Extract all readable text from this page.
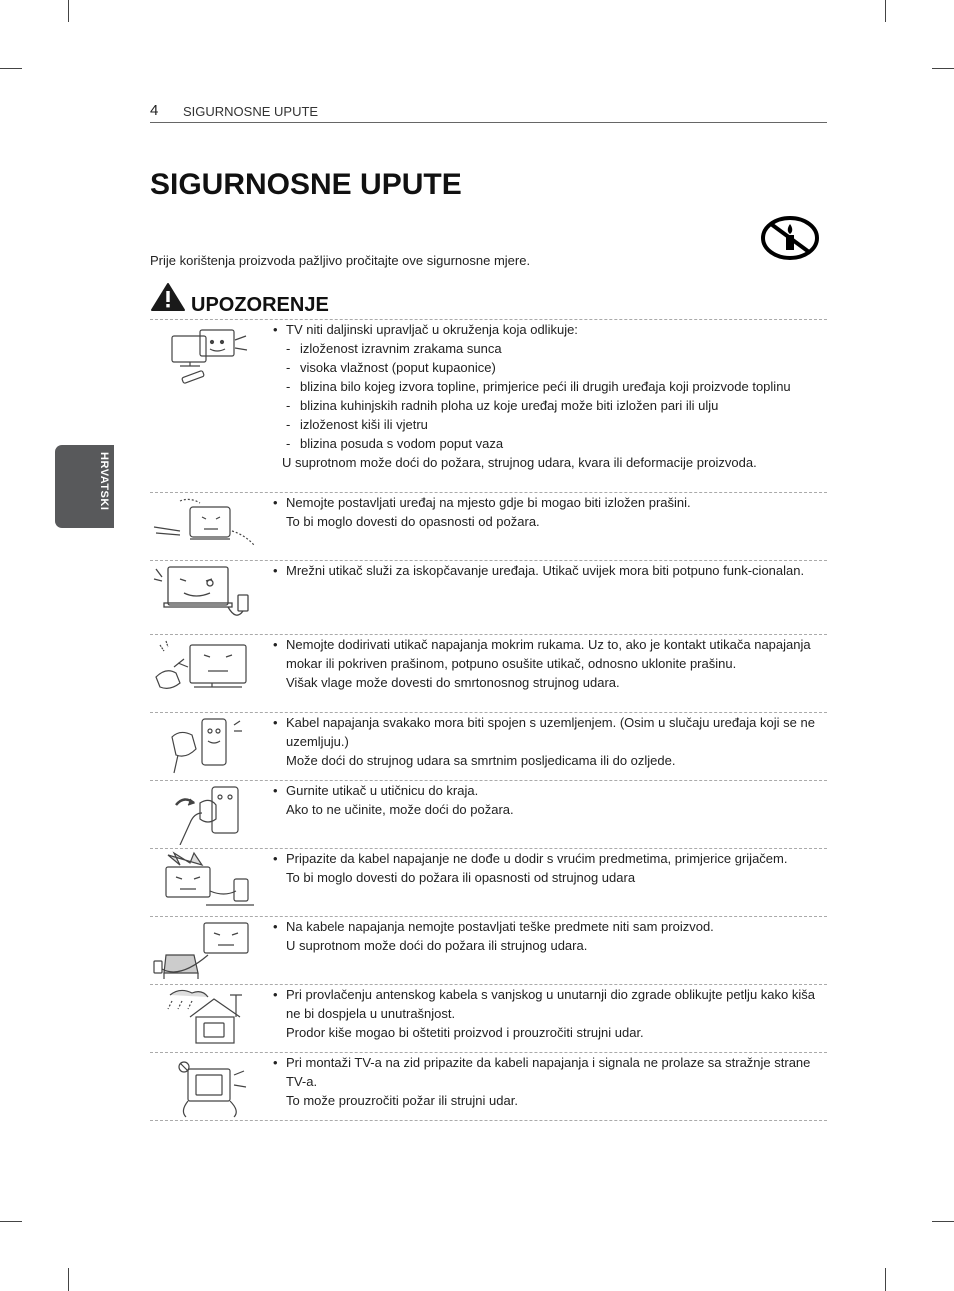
4 SIGURNOSNE UPUTE
HRVATSKI
SIGURNOSNE UPUTE
Prije korištenja proizvoda pažljivo pročitajte ove sigurnosne mjere.
UPOZORENJE
• TV niti daljinski upravljač u okruženja koja odlikuje:
- izloženost izravnim zrakama sunca
- visoka vlažnost (poput kupaonice)
- blizina bilo kojeg izvora topline, primjerice peći ili drugih uređaja koji proizvode toplinu
- blizina kuhinjskih radnih ploha uz koje uređaj može biti izložen pari ili ulju
- izloženost kiši ili vjetru
- blizina posuda s vodom poput vaza
U suprotnom može doći do požara, strujnog udara, kvara ili deformacije proizvoda.
• Nemojte postavljati uređaj na mjesto gdje bi mogao biti izložen prašini.
To bi moglo dovesti do opasnosti od požara.
• Mrežni utikač služi za iskopčavanje uređaja. Utikač uvijek mora biti potpuno funk-cionalan.
• Nemojte dodirivati utikač napajanja mokrim rukama. Uz to, ako je kontakt utikača napajanja mokar ili pokriven prašinom, potpuno osušite utikač, odnosno uklonite prašinu.
Višak vlage može dovesti do smrtonosnog strujnog udara.
• Kabel napajanja svakako mora biti spojen s uzemljenjem. (Osim u slučaju uređaja koji se ne uzemljuju.)
Može doći do strujnog udara sa smrtnim posljedicama ili do ozljede.
• Gurnite utikač u utičnicu do kraja.
Ako to ne učinite, može doći do požara.
• Pripazite da kabel napajanje ne dođe u dodir s vrućim predmetima, primjerice grijačem.
To bi moglo dovesti do požara ili opasnosti od strujnog udara
• Na kabele napajanja nemojte postavljati teške predmete niti sam proizvod.
U suprotnom može doći do požara ili strujnog udara.
• Pri provlačenju antenskog kabela s vanjskog u unutarnji dio zgrade oblikujte petlju kako kiša ne bi dospjela u unutrašnjost.
Prodor kiše mogao bi oštetiti proizvod i prouzročiti strujni udar.
• Pri montaži TV-a na zid pripazite da kabeli napajanja i signala ne prolaze sa stražnje strane TV-a.
To može prouzročiti požar ili strujni udar.
